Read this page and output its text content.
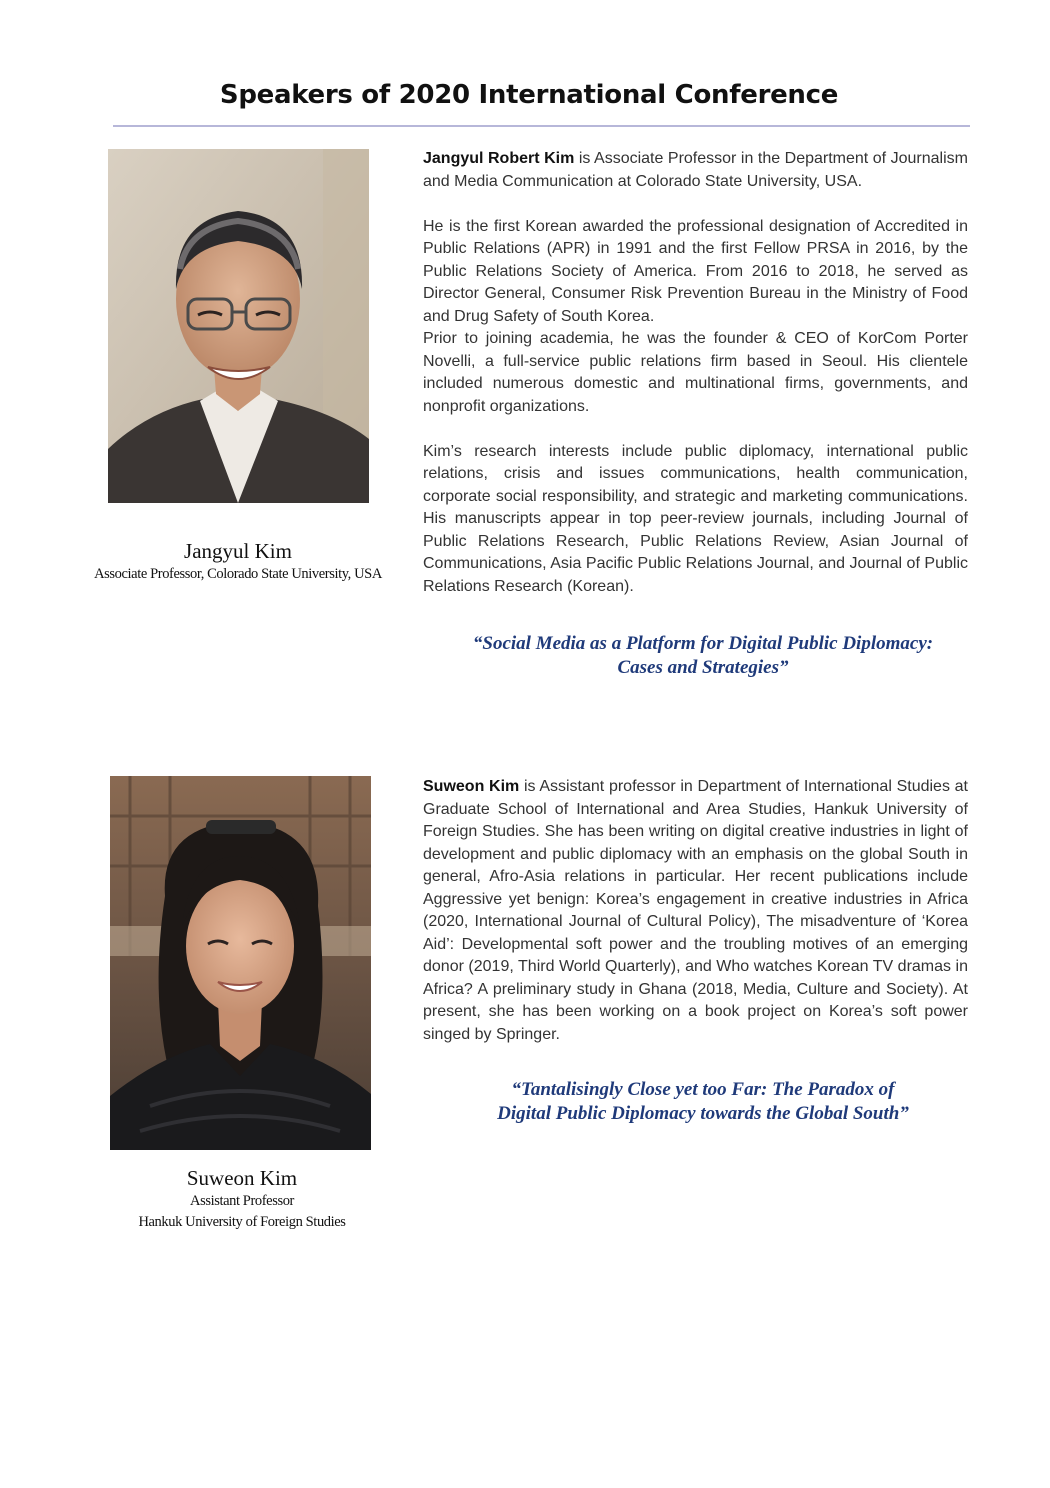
Speakers of 2020 International Conference
Jangyul Kim
Associate Professor, Colorado State University, USA

Jangyul Robert Kim is Associate Professor in the Department of Journalism and Media Communication at Colorado State University, USA.

He is the first Korean awarded the professional designation of Accredited in Public Relations (APR) in 1991 and the first Fellow PRSA in 2016, by the Public Relations Society of America. From 2016 to 2018, he served as Director General, Consumer Risk Prevention Bureau in the Ministry of Food and Drug Safety of South Korea.

Prior to joining academia, he was the founder & CEO of KorCom Porter Novelli, a full-service public relations firm based in Seoul. His clientele included numerous domestic and multinational firms, governments, and nonprofit organizations.

Kim’s research interests include public diplomacy, international public relations, crisis and issues communications, health communication, corporate social responsibility, and strategic and marketing communications. His manuscripts appear in top peer-review journals, including Journal of Public Relations Research, Public Relations Review, Asian Journal of Communications, Asia Pacific Public Relations Journal, and Journal of Public Relations Research (Korean).

“Social Media as a Platform for Digital Public Diplomacy:
Cases and Strategies”
Suweon Kim
Assistant Professor
Hankuk University of Foreign Studies

Suweon Kim is Assistant professor in Department of International Studies at Graduate School of International and Area Studies, Hankuk University of Foreign Studies. She has been writing on digital creative industries in light of development and public diplomacy with an emphasis on the global South in general, Afro-Asia relations in particular. Her recent publications include Aggressive yet benign: Korea’s engagement in creative industries in Africa (2020, International Journal of Cultural Policy), The misadventure of ‘Korea Aid’: Developmental soft power and the troubling motives of an emerging donor (2019, Third World Quarterly), and Who watches Korean TV dramas in Africa? A preliminary study in Ghana (2018, Media, Culture and Society). At present, she has been working on a book project on Korea’s soft power singed by Springer.

“Tantalisingly Close yet too Far: The Paradox of
Digital Public Diplomacy towards the Global South”
